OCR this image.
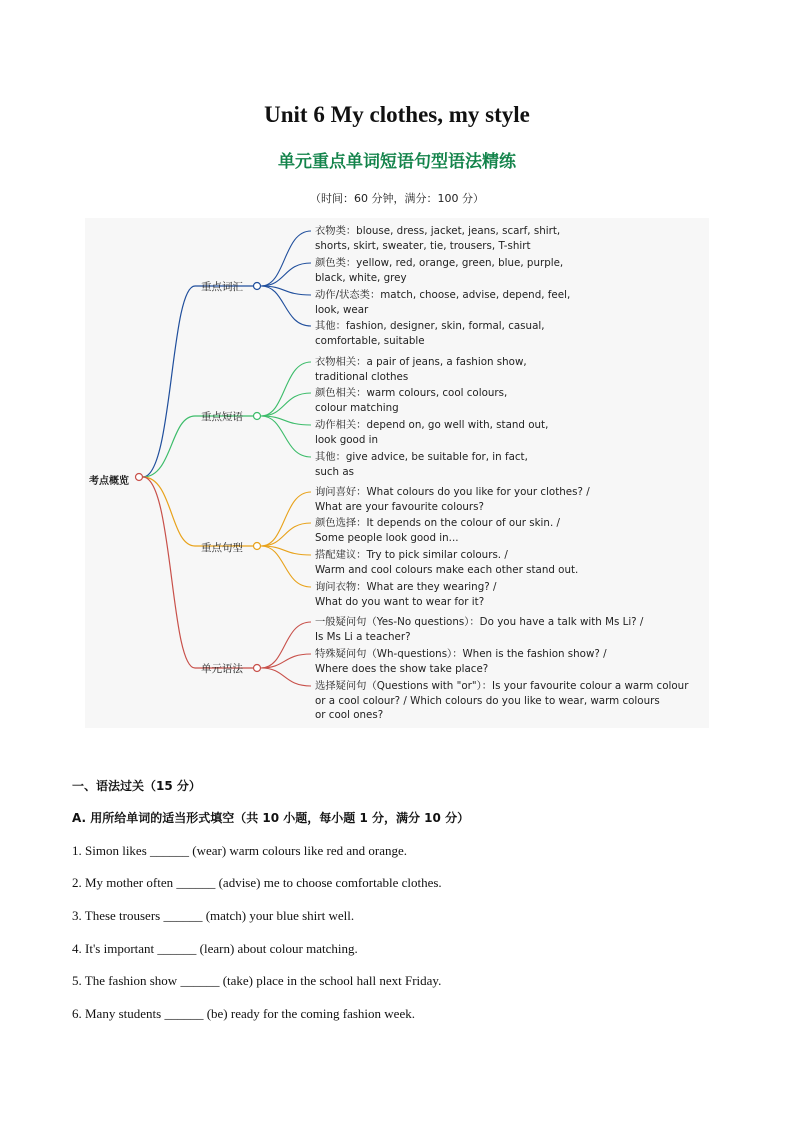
Unit 6 My clothes, my style
单元重点单词短语句型语法精练
（时间：60 分钟，满分：100 分）
考点概览
重点词汇
重点短语
重点句型
单元语法
衣物类：blouse, dress, jacket, jeans, scarf, shirt,
shorts, skirt, sweater, tie, trousers, T-shirt
颜色类：yellow, red, orange, green, blue, purple,
black, white, grey
动作/状态类：match, choose, advise, depend, feel,
look, wear
其他：fashion, designer, skin, formal, casual,
comfortable, suitable
衣物相关：a pair of jeans, a fashion show,
traditional clothes
颜色相关：warm colours, cool colours,
colour matching
动作相关：depend on, go well with, stand out,
look good in
其他：give advice, be suitable for, in fact,
such as
询问喜好：What colours do you like for your clothes? /
What are your favourite colours?
颜色选择：It depends on the colour of our skin. /
Some people look good in...
搭配建议：Try to pick similar colours. /
Warm and cool colours make each other stand out.
询问衣物：What are they wearing? /
What do you want to wear for it?
一般疑问句（Yes-No questions）：Do you have a talk with Ms Li? /
Is Ms Li a teacher?
特殊疑问句（Wh-questions）：When is the fashion show? /
Where does the show take place?
选择疑问句（Questions with "or"）：Is your favourite colour a warm colour
or a cool colour? / Which colours do you like to wear, warm colours
or cool ones?
一、语法过关（15 分）
A. 用所给单词的适当形式填空（共 10 小题，每小题 1 分，满分 10 分）
1. Simon likes ______ (wear) warm colours like red and orange.
2. My mother often ______ (advise) me to choose comfortable clothes.
3. These trousers ______ (match) your blue shirt well.
4. It's important ______ (learn) about colour matching.
5. The fashion show ______ (take) place in the school hall next Friday.
6. Many students ______ (be) ready for the coming fashion week.
